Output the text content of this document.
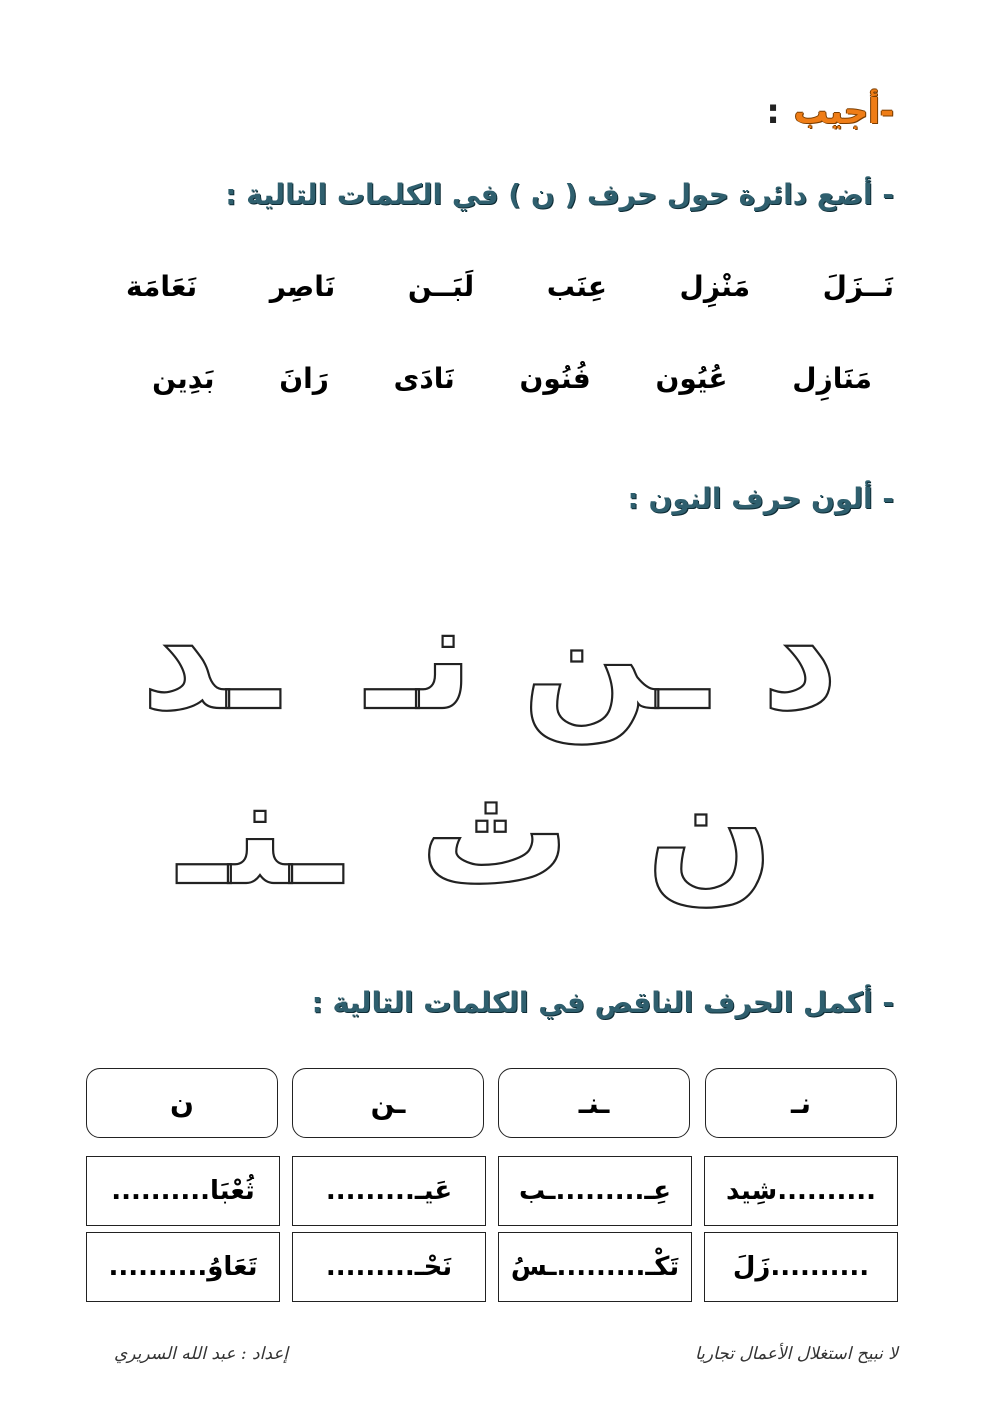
-أجيب:
- أضع دائرة حول حرف ( ن ) في الكلمات التالية :
نَــزَلَ
مَنْزِل
عِنَب
لَبَــن
نَاصِر
نَعَامَة
مَنَازِل
عُيُون
فُنُون
نَادَى
رَانَ
بَدِين
- ألون حرف النون :
د
ـن
نـ
ـد
ن
ث
ـنـ
- أكمل الحرف الناقص في الكلمات التالية :
نـ
ـنـ
ـن
ن
..........شِيد
عِـ.........ـب
عَيـ.........
ثُعْبَا..........
..........زَلَ
تَكْـ.........ـسُ
نَحْـ.........
تَعَاوُ..........
لا نبيح استغلال الأعمال تجاريا
إعداد : عبد الله السريري
